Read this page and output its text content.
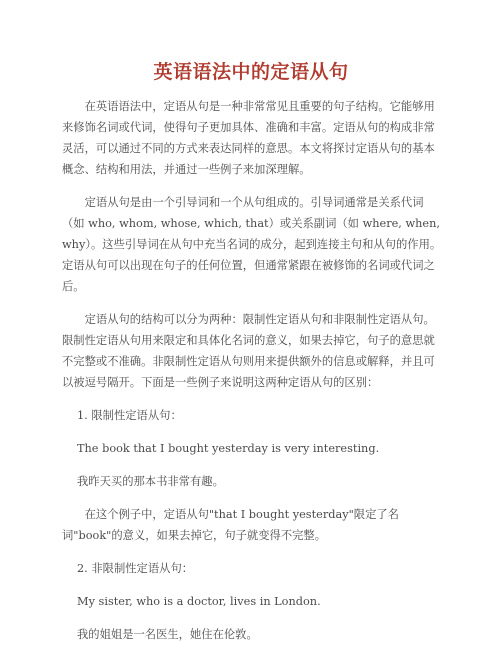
英语语法中的定语从句

在英语语法中，定语从句是一种非常常见且重要的句子结构。它能够用来修饰名词或代词，使得句子更加具体、准确和丰富。定语从句的构成非常灵活，可以通过不同的方式来表达同样的意思。本文将探讨定语从句的基本概念、结构和用法，并通过一些例子来加深理解。

定语从句是由一个引导词和一个从句组成的。引导词通常是关系代词（如 who, whom, whose, which, that）或关系副词（如 where, when, why）。这些引导词在从句中充当名词的成分，起到连接主句和从句的作用。定语从句可以出现在句子的任何位置，但通常紧跟在被修饰的名词或代词之后。

定语从句的结构可以分为两种：限制性定语从句和非限制性定语从句。限制性定语从句用来限定和具体化名词的意义，如果去掉它，句子的意思就不完整或不准确。非限制性定语从句则用来提供额外的信息或解释，并且可以被逗号隔开。下面是一些例子来说明这两种定语从句的区别：

1. 限制性定语从句：

The book that I bought yesterday is very interesting.

我昨天买的那本书非常有趣。

在这个例子中，定语从句"that I bought yesterday"限定了名词"book"的意义，如果去掉它，句子就变得不完整。

2. 非限制性定语从句：

My sister, who is a doctor, lives in London.

我的姐姐是一名医生，她住在伦敦。
